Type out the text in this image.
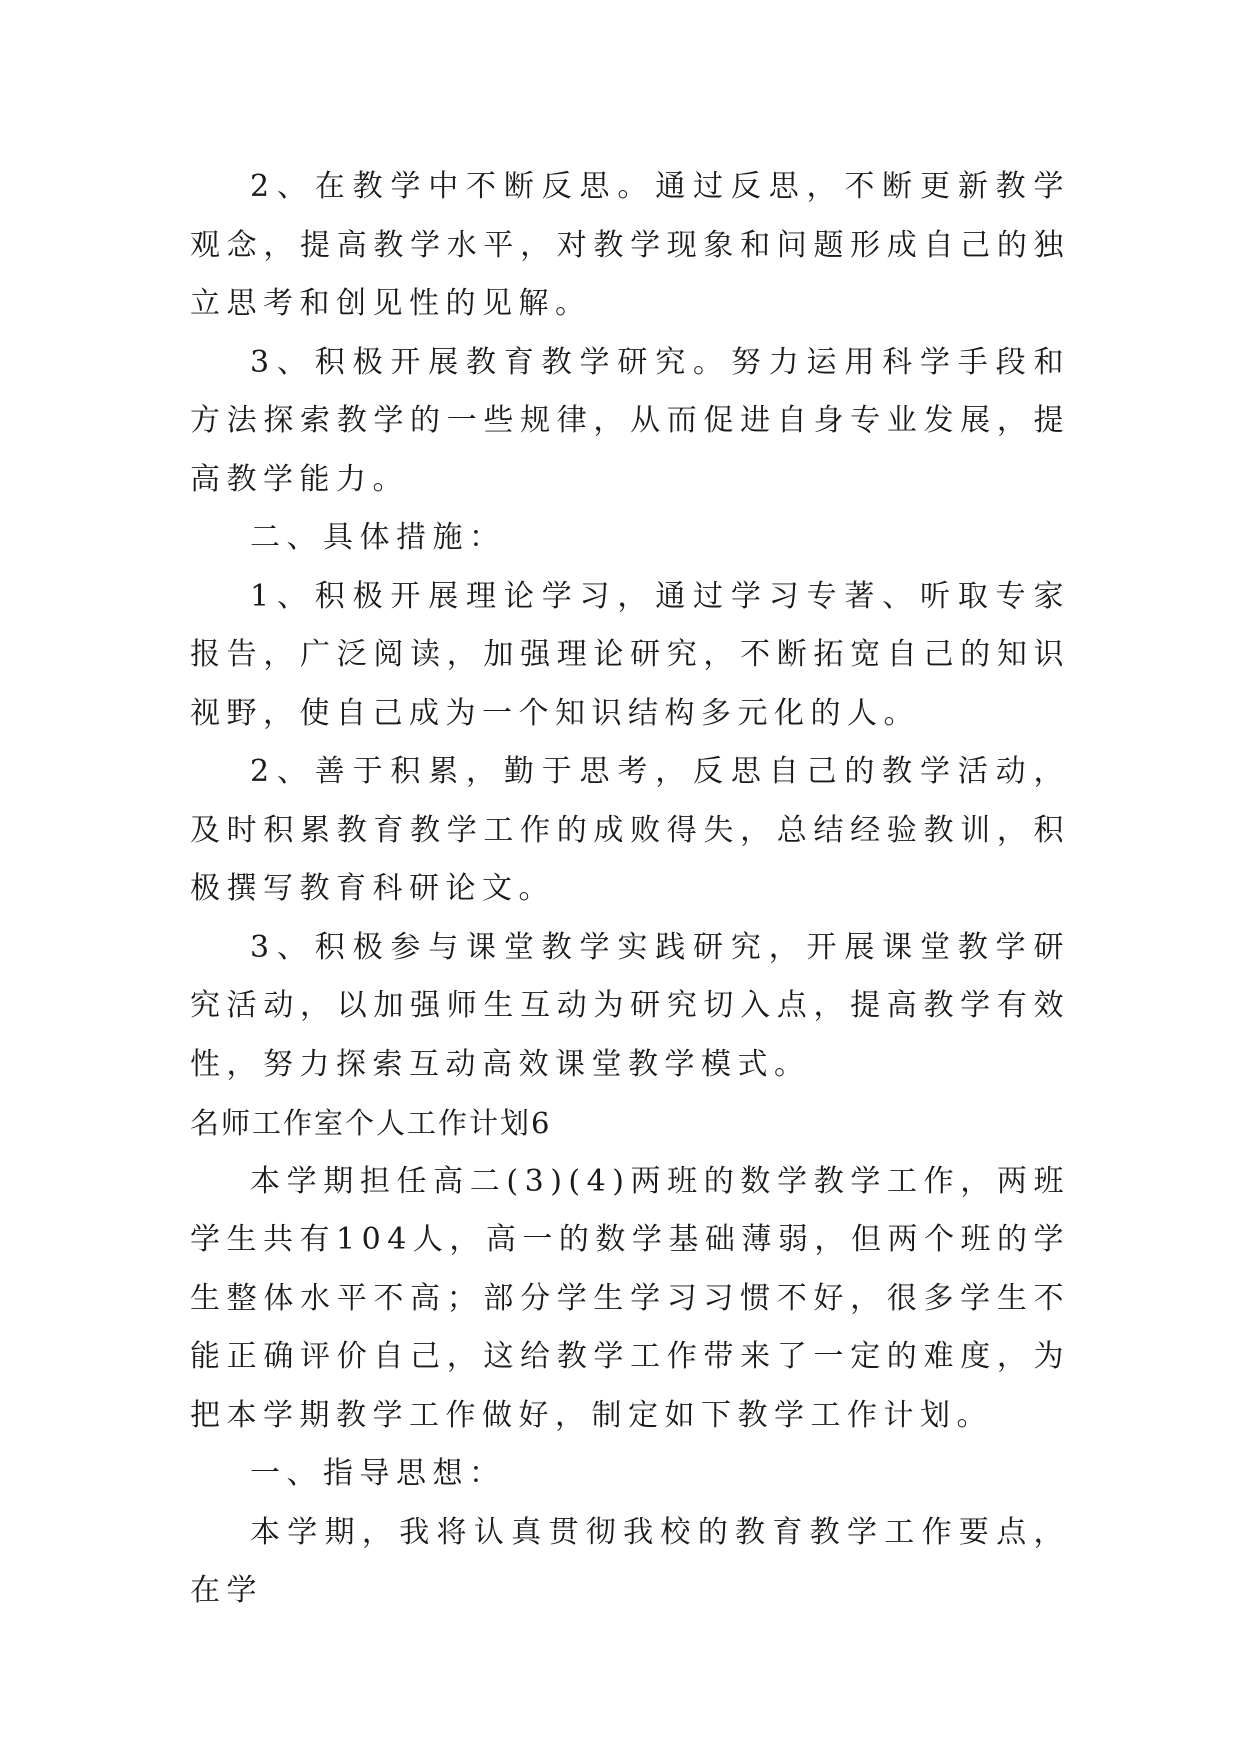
2、在教学中不断反思。通过反思，不断更新教学观念，提高教学水平，对教学现象和问题形成自己的独立思考和创见性的见解。

3、积极开展教育教学研究。努力运用科学手段和方法探索教学的一些规律，从而促进自身专业发展，提高教学能力。

二、具体措施：

1、积极开展理论学习，通过学习专著、听取专家报告，广泛阅读，加强理论研究，不断拓宽自己的知识视野，使自己成为一个知识结构多元化的人。

2、善于积累，勤于思考，反思自己的教学活动，及时积累教育教学工作的成败得失，总结经验教训，积极撰写教育科研论文。

3、积极参与课堂教学实践研究，开展课堂教学研究活动，以加强师生互动为研究切入点，提高教学有效性，努力探索互动高效课堂教学模式。

名师工作室个人工作计划6

本学期担任高二(3)(4)两班的数学教学工作，两班学生共有104人，高一的数学基础薄弱，但两个班的学生整体水平不高；部分学生学习习惯不好，很多学生不能正确评价自己，这给教学工作带来了一定的难度，为把本学期教学工作做好，制定如下教学工作计划。

一、指导思想：

本学期，我将认真贯彻我校的教育教学工作要点，在学
